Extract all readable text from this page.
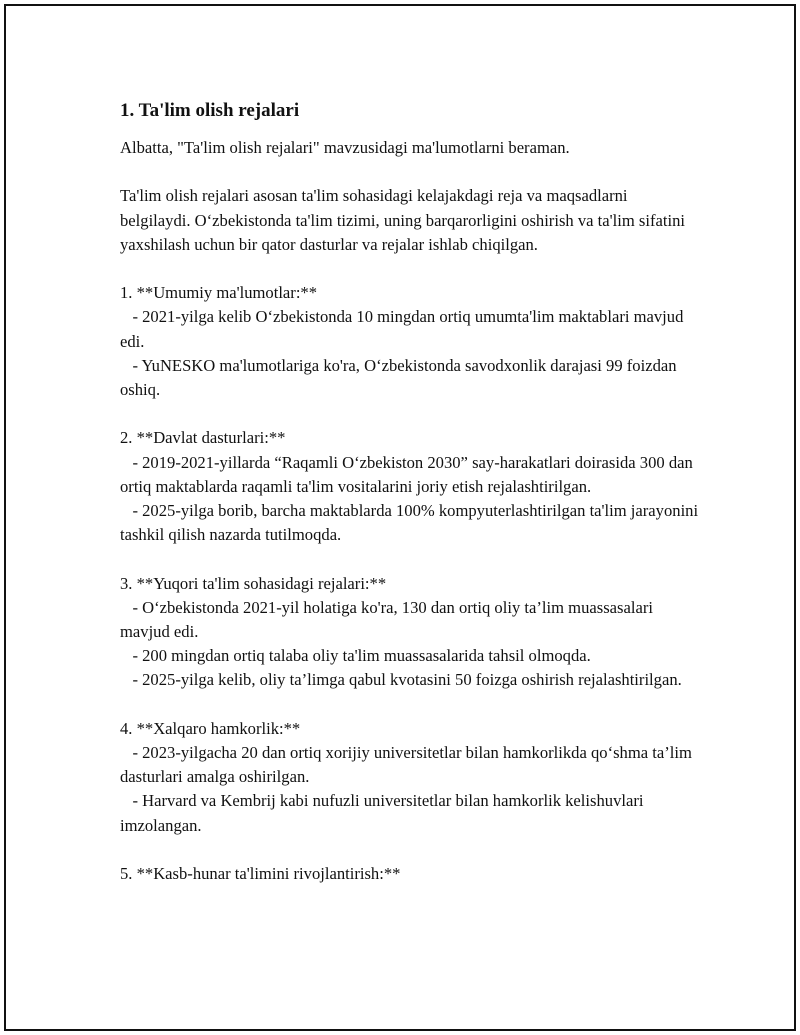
1. Ta'lim olish rejalari

Albatta, "Ta'lim olish rejalari" mavzusidagi ma'lumotlarni beraman.

Ta'lim olish rejalari asosan ta'lim sohasidagi kelajakdagi reja va maqsadlarni belgilaydi. Oʻzbekistonda ta'lim tizimi, uning barqarorligini oshirish va ta'lim sifatini yaxshilash uchun bir qator dasturlar va rejalar ishlab chiqilgan.

1. **Umumiy ma'lumotlar:**
- 2021-yilga kelib Oʻzbekistonda 10 mingdan ortiq umumta'lim maktablari mavjud edi.
- YuNESKO ma'lumotlariga ko'ra, Oʻzbekistonda savodxonlik darajasi 99 foizdan oshiq.
2. **Davlat dasturlari:**
- 2019-2021-yillarda “Raqamli Oʻzbekiston 2030” say-harakatlari doirasida 300 dan ortiq maktablarda raqamli ta'lim vositalarini joriy etish rejalashtirilgan.
- 2025-yilga borib, barcha maktablarda 100% kompyuterlashtirilgan ta'lim jarayonini tashkil qilish nazarda tutilmoqda.
3. **Yuqori ta'lim sohasidagi rejalari:**
- Oʻzbekistonda 2021-yil holatiga ko'ra, 130 dan ortiq oliy ta’lim muassasalari mavjud edi.
- 200 mingdan ortiq talaba oliy ta'lim muassasalarida tahsil olmoqda.
- 2025-yilga kelib, oliy ta’limga qabul kvotasini 50 foizga oshirish rejalashtirilgan.
4. **Xalqaro hamkorlik:**
- 2023-yilgacha 20 dan ortiq xorijiy universitetlar bilan hamkorlikda qoʻshma ta’lim dasturlari amalga oshirilgan.
- Harvard va Kembrij kabi nufuzli universitetlar bilan hamkorlik kelishuvlari imzolangan.
5. **Kasb-hunar ta'limini rivojlantirish:**
